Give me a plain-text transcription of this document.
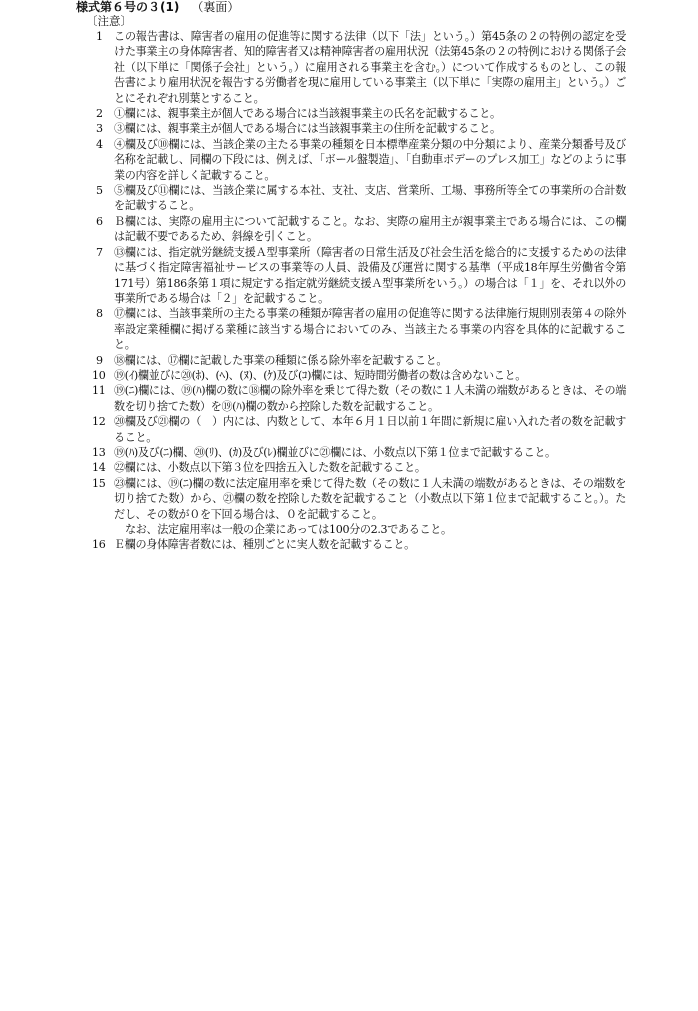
様式第６号の３(1) （裏面）
〔注意〕
1	この報告書は、障害者の雇用の促進等に関する法律（以下「法」という。）第45条の２の特例の認定を受けた事業主の身体障害者、知的障害者又は精神障害者の雇用状況（法第45条の２の特例における関係子会社（以下単に「関係子会社」という。）に雇用される事業主を含む。）について作成するものとし、この報告書により雇用状況を報告する労働者を現に雇用している事業主（以下単に「実際の雇用主」という。）ごとにそれぞれ別葉とすること。
2	①欄には、親事業主が個人である場合には当該親事業主の氏名を記載すること。
3	③欄には、親事業主が個人である場合には当該親事業主の住所を記載すること。
4	④欄及び⑩欄には、当該企業の主たる事業の種類を日本標準産業分類の中分類により、産業分類番号及び名称を記載し、同欄の下段には、例えば、「ボール盤製造」、「自動車ボデーのプレス加工」などのように事業の内容を詳しく記載すること。
5	⑤欄及び⑪欄には、当該企業に属する本社、支社、支店、営業所、工場、事務所等全ての事業所の合計数を記載すること。
6	Ｂ欄には、実際の雇用主について記載すること。なお、実際の雇用主が親事業主である場合には、この欄は記載不要であるため、斜線を引くこと。
7	⑬欄には、指定就労継続支援Ａ型事業所（障害者の日常生活及び社会生活を総合的に支援するための法律に基づく指定障害福祉サービスの事業等の人員、設備及び運営に関する基準（平成18年厚生労働省令第171号）第186条第１項に規定する指定就労継続支援Ａ型事業所をいう。）の場合は「１」を、それ以外の事業所である場合は「２」を記載すること。
8	⑰欄には、当該事業所の主たる事業の種類が障害者の雇用の促進等に関する法律施行規則別表第４の除外率設定業種欄に掲げる業種に該当する場合においてのみ、当該主たる事業の内容を具体的に記載すること。
9	⑱欄には、⑰欄に記載した事業の種類に係る除外率を記載すること。
10 ⑲(ｲ)欄並びに⑳(ﾎ)、(ﾍ)、(ﾇ)、(ｹ)及び(ｺ)欄には、短時間労働者の数は含めないこと。
11 ⑲(ﾆ)欄には、⑲(ﾊ)欄の数に⑱欄の除外率を乗じて得た数（その数に１人未満の端数があるときは、その端数を切り捨てた数）を⑲(ﾊ)欄の数から控除した数を記載すること。
12 ⑳欄及び㉑欄の（　）内には、内数として、本年６月１日以前１年間に新規に雇い入れた者の数を記載すること。
13 ⑲(ﾊ)及び(ﾆ)欄、⑳(ﾘ)、(ｶ)及び(ﾚ)欄並びに㉑欄には、小数点以下第１位まで記載すること。
14 ㉒欄には、小数点以下第３位を四捨五入した数を記載すること。
15 ㉓欄には、⑲(ﾆ)欄の数に法定雇用率を乗じて得た数（その数に１人未満の端数があるときは、その端数を切り捨てた数）から、㉑欄の数を控除した数を記載すること（小数点以下第１位まで記載すること。）。ただし、その数が０を下回る場合は、０を記載すること。
なお、法定雇用率は一般の企業にあっては100分の2.3であること。
16 Ｅ欄の身体障害者数には、種別ごとに実人数を記載すること。
